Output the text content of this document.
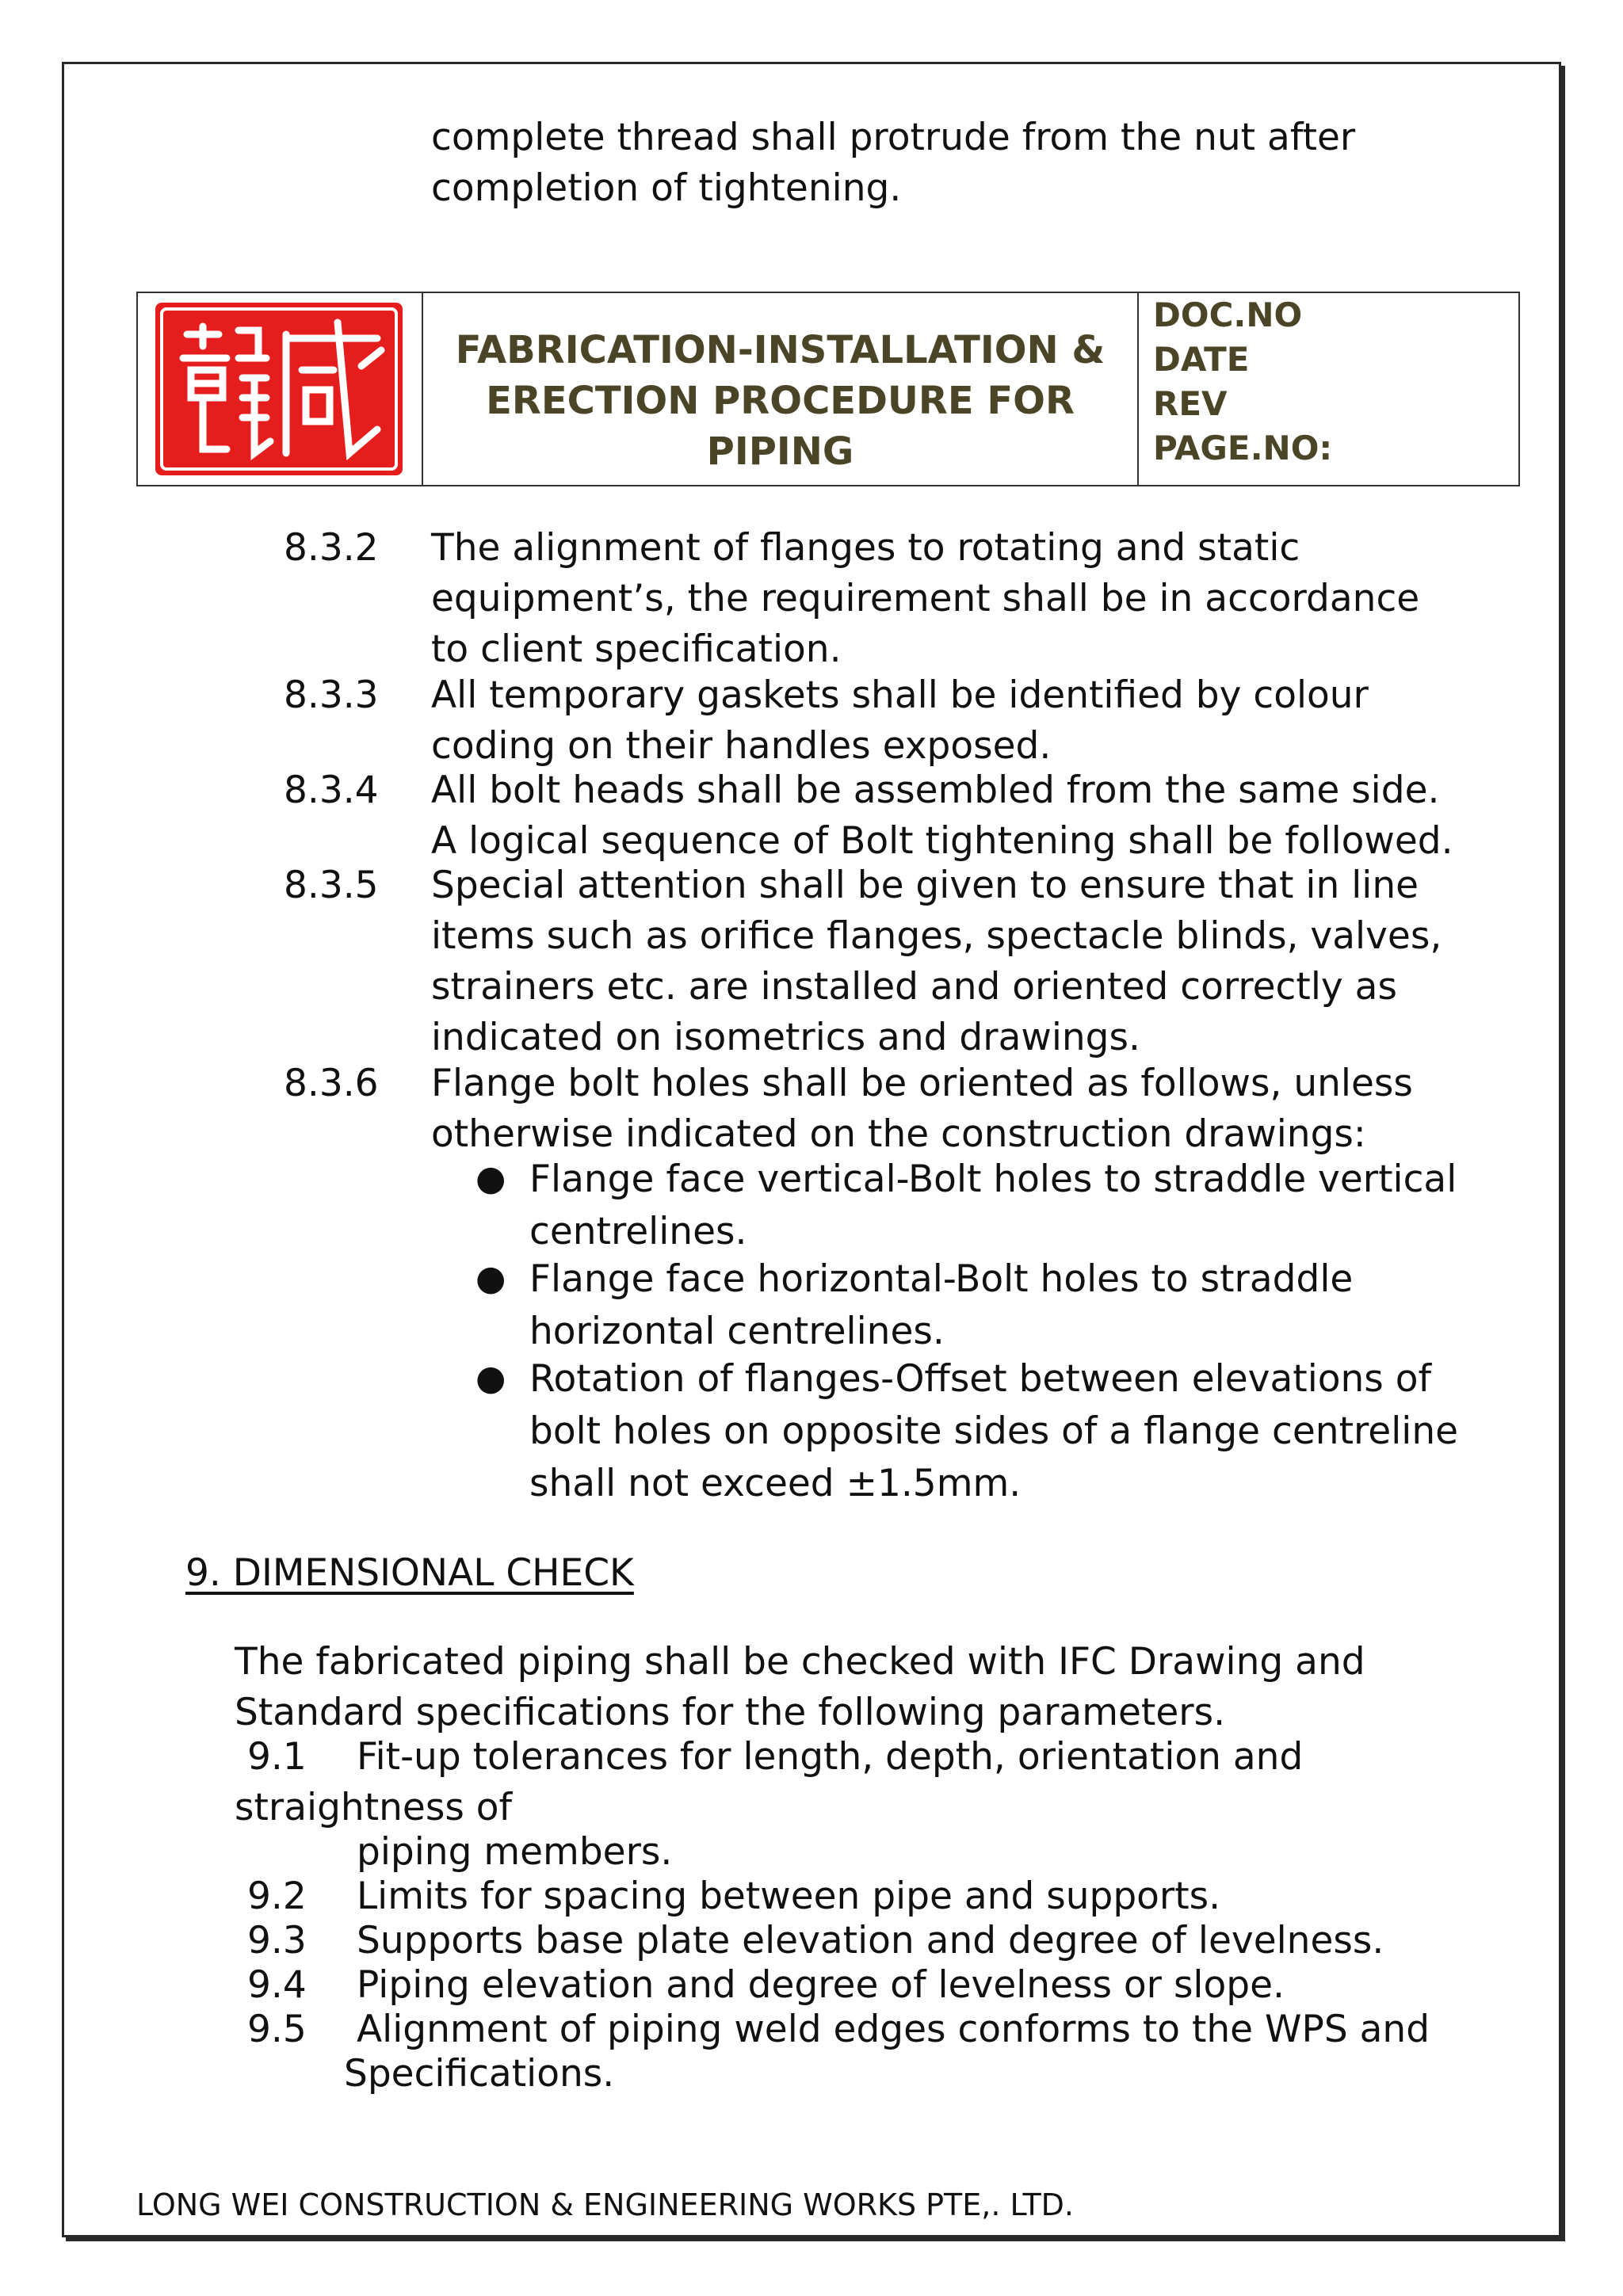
complete thread shall protrude from the nut after
completion of tightening.
FABRICATION-INSTALLATION &
ERECTION PROCEDURE FOR
PIPING
DOC.NO
DATE
REV
PAGE.NO:
8.3.2 The alignment of flanges to rotating and static
equipment’s, the requirement shall be in accordance
to client specification.
8.3.3 All temporary gaskets shall be identified by colour
coding on their handles exposed.
8.3.4 All bolt heads shall be assembled from the same side.
A logical sequence of Bolt tightening shall be followed.
8.3.5 Special attention shall be given to ensure that in line
items such as orifice flanges, spectacle blinds, valves,
strainers etc. are installed and oriented correctly as
indicated on isometrics and drawings.
8.3.6 Flange bolt holes shall be oriented as follows, unless
otherwise indicated on the construction drawings:
● Flange face vertical-Bolt holes to straddle vertical
centrelines.
● Flange face horizontal-Bolt holes to straddle
horizontal centrelines.
● Rotation of flanges-Offset between elevations of
bolt holes on opposite sides of a flange centreline
shall not exceed ±1.5mm.
9. DIMENSIONAL CHECK
The fabricated piping shall be checked with IFC Drawing and
Standard specifications for the following parameters.
9.1 Fit-up tolerances for length, depth, orientation and
straightness of
piping members.
9.2 Limits for spacing between pipe and supports.
9.3 Supports base plate elevation and degree of levelness.
9.4 Piping elevation and degree of levelness or slope.
9.5 Alignment of piping weld edges conforms to the WPS and
Specifications.
LONG WEI CONSTRUCTION & ENGINEERING WORKS PTE,. LTD.
